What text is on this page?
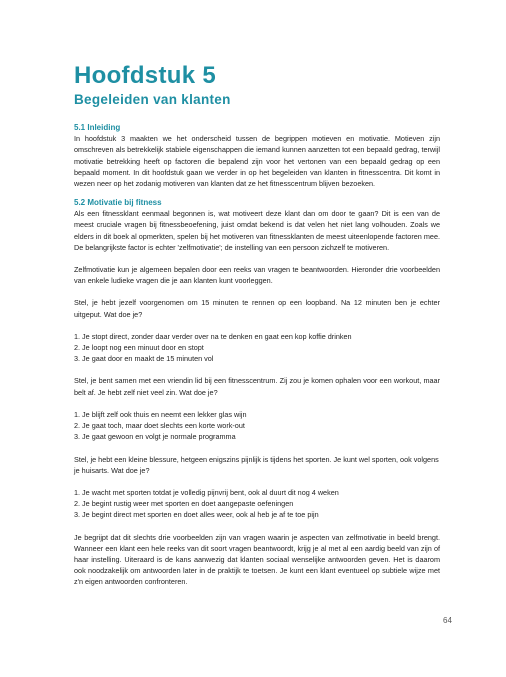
Hoofdstuk 5
Begeleiden van klanten
5.1 Inleiding

In hoofdstuk 3 maakten we het onderscheid tussen de begrippen motieven en motivatie. Motieven zijn omschreven als betrekkelijk stabiele eigenschappen die iemand kunnen aanzetten tot een bepaald gedrag, terwijl motivatie betrekking heeft op factoren die bepalend zijn voor het vertonen van een bepaald gedrag op een bepaald moment. In dit hoofdstuk gaan we verder in op het begeleiden van klanten in fitnesscentra. Dit komt in wezen neer op het zodanig motiveren van klanten dat ze het fitnesscentrum blijven bezoeken.

5.2 Motivatie bij fitness

Als een fitnessklant eenmaal begonnen is, wat motiveert deze klant dan om door te gaan? Dit is een van de meest cruciale vragen bij fitnessbeoefening, juist omdat bekend is dat velen het niet lang volhouden. Zoals we elders in dit boek al opmerkten, spelen bij het motiveren van fitnessklanten de meest uiteenlopende factoren mee. De belangrijkste factor is echter 'zelfmotivatie'; de instelling van een persoon zichzelf te motiveren.

Zelfmotivatie kun je algemeen bepalen door een reeks van vragen te beantwoorden. Hieronder drie voorbeelden van enkele ludieke vragen die je aan klanten kunt voorleggen.

Stel, je hebt jezelf voorgenomen om 15 minuten te rennen op een loopband. Na 12 minuten ben je echter uitgeput. Wat doe je?

1. Je stopt direct, zonder daar verder over na te denken en gaat een kop koffie drinken
2. Je loopt nog een minuut door en stopt
3. Je gaat door en maakt de 15 minuten vol

Stel, je bent samen met een vriendin lid bij een fitnesscentrum. Zij zou je komen ophalen voor een workout, maar belt af. Je hebt zelf niet veel zin. Wat doe je?

1. Je blijft zelf ook thuis en neemt een lekker glas wijn
2. Je gaat toch, maar doet slechts een korte work-out
3. Je gaat gewoon en volgt je normale programma

Stel, je hebt een kleine blessure, hetgeen enigszins pijnlijk is tijdens het sporten. Je kunt wel sporten, ook volgens je huisarts. Wat doe je?

1. Je wacht met sporten totdat je volledig pijnvrij bent, ook al duurt dit nog 4 weken
2. Je begint rustig weer met sporten en doet aangepaste oefeningen
3. Je begint direct met sporten en doet alles weer, ook al heb je af te toe pijn

Je begrijpt dat dit slechts drie voorbeelden zijn van vragen waarin je aspecten van zelfmotivatie in beeld brengt. Wanneer een klant een hele reeks van dit soort vragen beantwoordt, krijg je al met al een aardig beeld van zijn of haar instelling. Uiteraard is de kans aanwezig dat klanten sociaal wenselijke antwoorden geven. Het is daarom ook noodzakelijk om antwoorden later in de praktijk te toetsen. Je kunt een klant eventueel op subtiele wijze met z'n eigen antwoorden confronteren.

64
